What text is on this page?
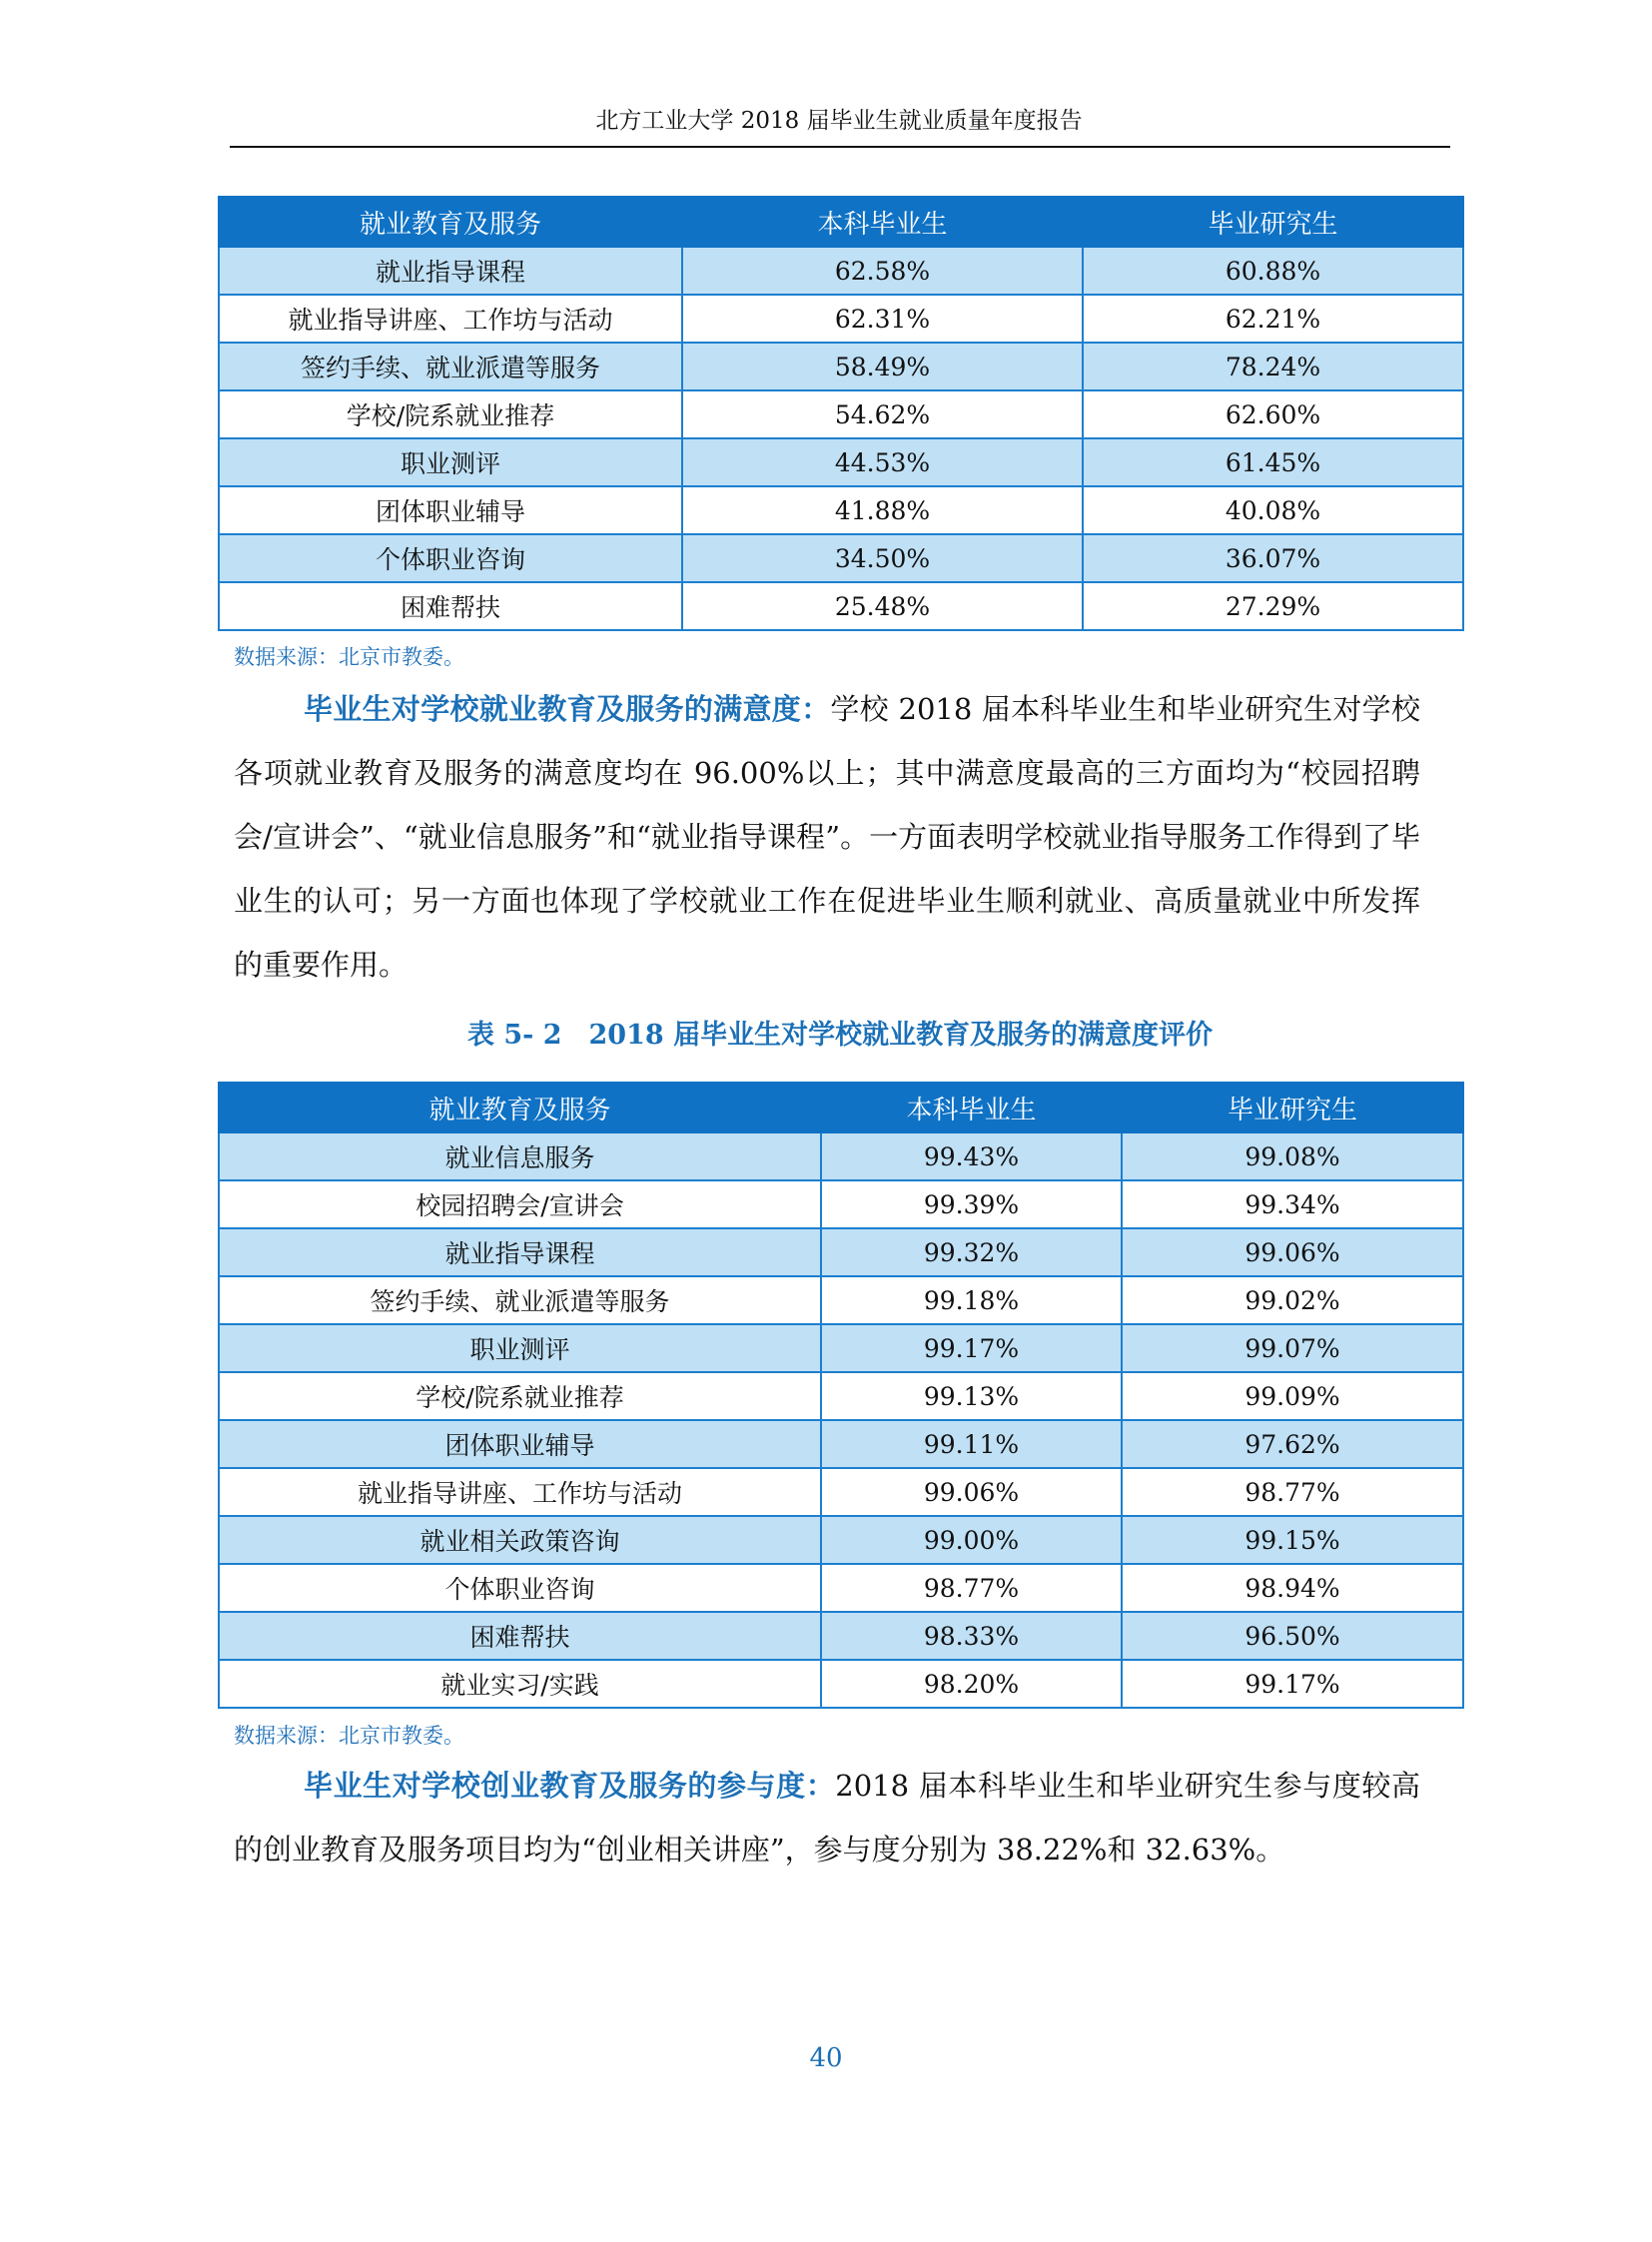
北方工业大学 2018 届毕业生就业质量年度报告
就业教育及服务	本科毕业生	毕业研究生
就业指导课程	62.58%	60.88%
就业指导讲座、工作坊与活动	62.31%	62.21%
签约手续、就业派遣等服务	58.49%	78.24%
学校/院系就业推荐	54.62%	62.60%
职业测评	44.53%	61.45%
团体职业辅导	41.88%	40.08%
个体职业咨询	34.50%	36.07%
困难帮扶	25.48%	27.29%
数据来源：北京市教委。
毕业生对学校就业教育及服务的满意度：学校 2018 届本科毕业生和毕业研究生对学校各项就业教育及服务的满意度均在 96.00%以上；其中满意度最高的三方面均为“校园招聘会/宣讲会”、“就业信息服务”和“就业指导课程”。一方面表明学校就业指导服务工作得到了毕业生的认可；另一方面也体现了学校就业工作在促进毕业生顺利就业、高质量就业中所发挥的重要作用。
表 5- 2　2018 届毕业生对学校就业教育及服务的满意度评价
就业教育及服务	本科毕业生	毕业研究生
就业信息服务	99.43%	99.08%
校园招聘会/宣讲会	99.39%	99.34%
就业指导课程	99.32%	99.06%
签约手续、就业派遣等服务	99.18%	99.02%
职业测评	99.17%	99.07%
学校/院系就业推荐	99.13%	99.09%
团体职业辅导	99.11%	97.62%
就业指导讲座、工作坊与活动	99.06%	98.77%
就业相关政策咨询	99.00%	99.15%
个体职业咨询	98.77%	98.94%
困难帮扶	98.33%	96.50%
就业实习/实践	98.20%	99.17%
数据来源：北京市教委。
毕业生对学校创业教育及服务的参与度：2018 届本科毕业生和毕业研究生参与度较高的创业教育及服务项目均为“创业相关讲座”，参与度分别为 38.22%和 32.63%。
40
